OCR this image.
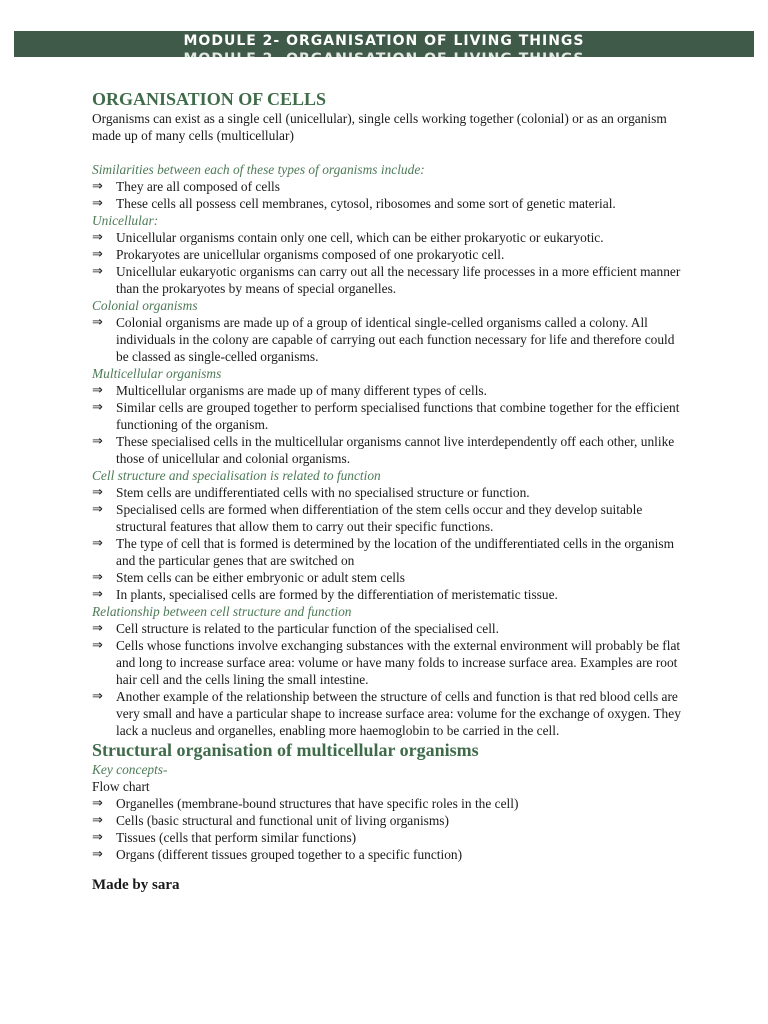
MODULE 2- ORGANISATION OF LIVING THINGS
MODULE 2- ORGANISATION OF LIVING THINGS
ORGANISATION OF CELLS

Organisms can exist as a single cell (unicellular), single cells working together (colonial) or as an organism made up of many cells (multicellular)

Similarities between each of these types of organisms include:

⇒ They are all composed of cells
⇒ These cells all possess cell membranes, cytosol, ribosomes and some sort of genetic material.

Unicellular:

⇒ Unicellular organisms contain only one cell, which can be either prokaryotic or eukaryotic.
⇒ Prokaryotes are unicellular organisms composed of one prokaryotic cell.
⇒ Unicellular eukaryotic organisms can carry out all the necessary life processes in a more efficient manner than the prokaryotes by means of special organelles.

Colonial organisms

⇒ Colonial organisms are made up of a group of identical single-celled organisms called a colony. All individuals in the colony are capable of carrying out each function necessary for life and therefore could be classed as single-celled organisms.

Multicellular organisms

⇒ Multicellular organisms are made up of many different types of cells.
⇒ Similar cells are grouped together to perform specialised functions that combine together for the efficient functioning of the organism.
⇒ These specialised cells in the multicellular organisms cannot live interdependently off each other, unlike those of unicellular and colonial organisms.

Cell structure and specialisation is related to function

⇒ Stem cells are undifferentiated cells with no specialised structure or function.
⇒ Specialised cells are formed when differentiation of the stem cells occur and they develop suitable structural features that allow them to carry out their specific functions.
⇒ The type of cell that is formed is determined by the location of the undifferentiated cells in the organism and the particular genes that are switched on
⇒ Stem cells can be either embryonic or adult stem cells
⇒ In plants, specialised cells are formed by the differentiation of meristematic tissue.

Relationship between cell structure and function

⇒ Cell structure is related to the particular function of the specialised cell.
⇒ Cells whose functions involve exchanging substances with the external environment will probably be flat and long to increase surface area: volume or have many folds to increase surface area. Examples are root hair cell and the cells lining the small intestine.
⇒ Another example of the relationship between the structure of cells and function is that red blood cells are very small and have a particular shape to increase surface area: volume for the exchange of oxygen. They lack a nucleus and organelles, enabling more haemoglobin to be carried in the cell.
Structural organisation of multicellular organisms

Key concepts-

Flow chart

⇒ Organelles (membrane-bound structures that have specific roles in the cell)
⇒ Cells (basic structural and functional unit of living organisms)
⇒ Tissues (cells that perform similar functions)
⇒ Organs (different tissues grouped together to a specific function)

Made by sara
